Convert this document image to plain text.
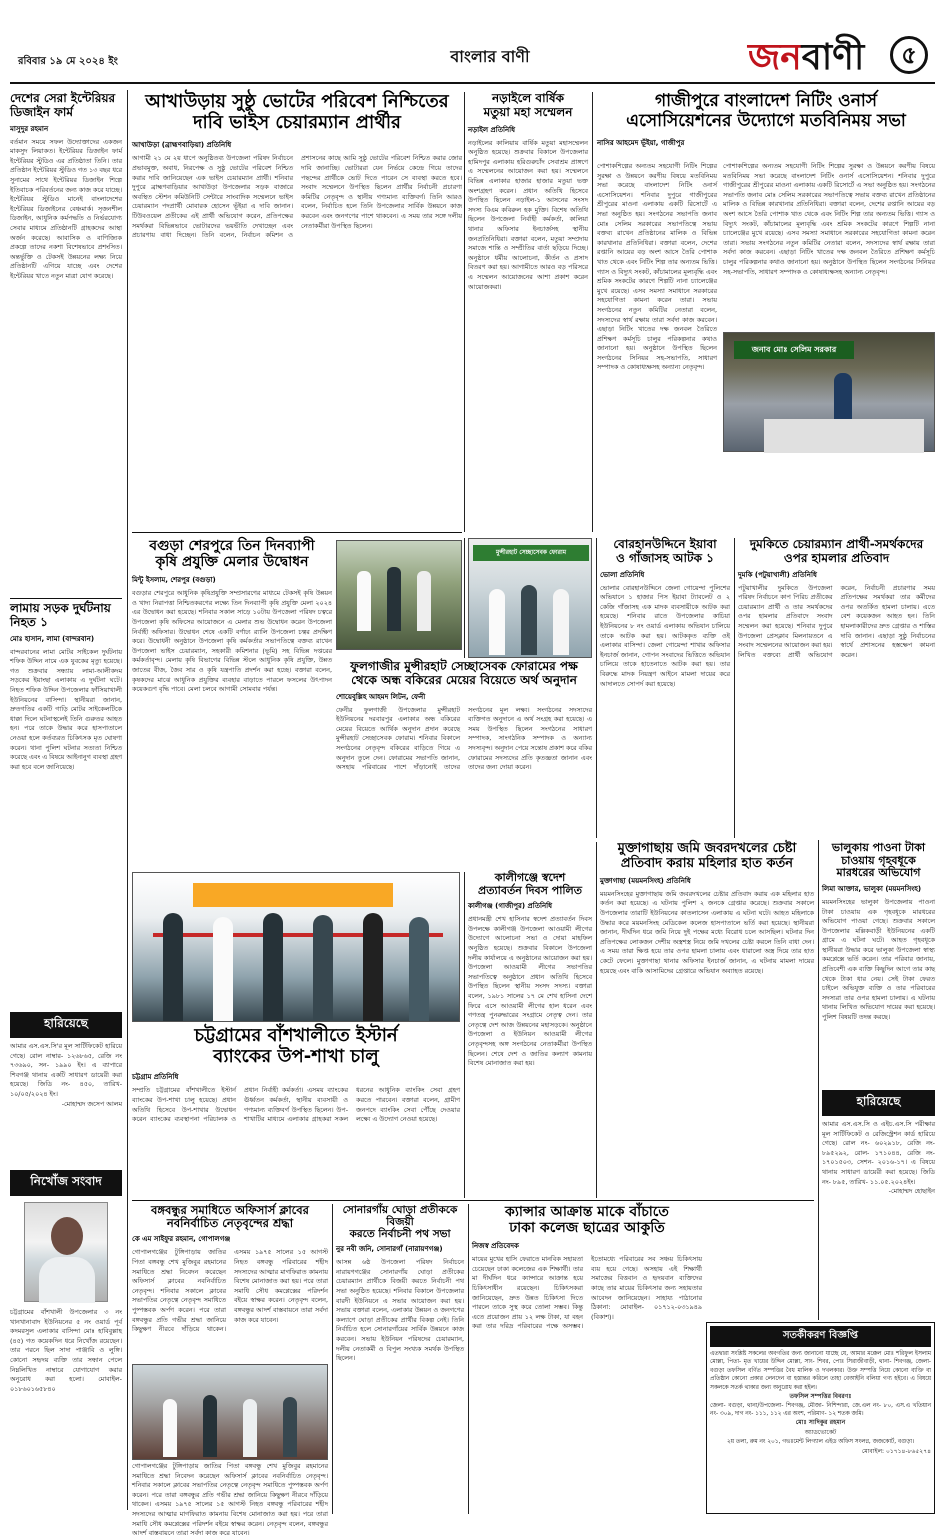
রবিবার ১৯ মে ২০২৪ ইং	বাংলার বাণী	জনবাণী	৫
দেশের সেরা ইন্টেরিয়র ডিজাইন ফার্ম
মাসুদুর রহমান
বর্তমান সময়ে সফল উদ্যোক্তাদের একজন মাকসুদ লিয়াকত। ইন্টেরিয়র ডিজাইন ফার্ম ইন্টেরিয়র স্টুডিও এর প্রতিষ্ঠাতা তিনি। তার প্রতিষ্ঠান ইন্টেরিয়র স্টুডিও গত ১৩ বছর ধরে সুনামের সাথে ইন্টেরিয়র ডিজাইন শিল্পে ইতিবাচক পরিবর্তনের জন্য কাজ করে যাচ্ছে। ইন্টেরিয়র স্টুডিও মানেই বাংলাদেশের ইন্টেরিয়র ডিজাইনের বেঞ্চমার্ক। সৃজনশীল ডিজাইন, আধুনিক কর্মপদ্ধতি ও নির্ভরযোগ্য সেবার মাধ্যমে প্রতিষ্ঠানটি গ্রাহকদের আস্থা অর্জন করেছে। আবাসিক ও বাণিজ্যিক প্রকল্পে তাদের নকশা বিশেষভাবে প্রশংসিত। অন্তর্ভুক্তি ও টেকসই উন্নয়নের লক্ষ্য নিয়ে প্রতিষ্ঠানটি এগিয়ে যাচ্ছে এবং দেশের ইন্টেরিয়র খাতে নতুন মাত্রা যোগ করেছে।
লামায় সড়ক দুর্ঘটনায় নিহত ১
মোঃ হাসান, লামা (বান্দরবান)
বান্দরবানের লামা মোটর সাইকেল দুর্ঘটনায় শফিক উদ্দিন নামে এক যুবকের মৃত্যু হয়েছে। গত শুক্রবার সন্ধ্যায় লামা-আলীকদম সড়কের ইয়াংছা এলাকায় এ দুর্ঘটনা ঘটে। নিহত শফিক উদ্দিন উপজেলার ফাঁসিয়াখালী ইউনিয়নের বাসিন্দা। স্থানীয়রা জানান, দ্রুতগতির একটি গাড়ি মোটর সাইকেলটিকে ধাক্কা দিলে ঘটনাস্থলেই তিনি গুরুতর আহত হন। পরে তাকে উদ্ধার করে হাসপাতালে নেওয়া হলে কর্তব্যরত চিকিৎসক মৃত ঘোষণা করেন। থানা পুলিশ ঘটনার সত্যতা নিশ্চিত করেছে এবং এ বিষয়ে আইনানুগ ব্যবস্থা গ্রহণ করা হবে বলে জানিয়েছে।
হারিয়েছে
আমার এস.এস.সি'র মূল সার্টিফিকেট হারিয়ে গেছে। রোল নাম্বার- ১২৬৮৬৫, রেজি নং ৭৩৬৯০, সন- ১৯৯০ ইং। এ ব্যাপারে শিবগঞ্জ থানায় একটি সাধারণ ডায়েরী করা হয়েছে। জিডি নং- ৪৫০, তারিখ- ১০/০৫/২০২৪ ইং।
-মোহাম্মদ জসেপ আলম
নিখোঁজ সংবাদ
চট্টগ্রামের বাঁশখালী উপজেলার ৩ নং খানখানাবাদ ইউনিয়নের ৫ নং ওয়ার্ড পূর্ব কদমরসুল এলাকার বাসিন্দা মোঃ হাবিবুল্লাহ (৪৫) গত কয়েকদিন ধরে নিখোঁজ রয়েছেন। তার পরনে ছিল সাদা পাঞ্জাবি ও লুঙ্গি। কোনো সহৃদয় ব্যক্তি তার সন্ধান পেলে নিম্নলিখিত নাম্বারে যোগাযোগ করার অনুরোধ করা হলো। মোবাইল- ০১৮৬০১৬৫৮৪০
আখাউড়ায় সুষ্ঠু ভোটের পরিবেশ নিশ্চিতের
দাবি ভাইস চেয়ারম্যান প্রার্থীর
আখাউড়া (ব্রাহ্মণবাড়িয়া) প্রতিনিধি
আগামী ২১ মে ২য় ধাপে অনুষ্ঠিতব্য উপজেলা পরিষদ নির্বাচনে প্রভাবমুক্ত, অবাধ, নিরপেক্ষ ও সুষ্ঠু ভোটের পরিবেশ নিশ্চিত করার দাবি জানিয়েছেন এক ভাইস চেয়ারম্যান প্রার্থী। শনিবার দুপুরে ব্রাহ্মণবাড়িয়ার আখাউড়া উপজেলার সড়ক বাজারে অবস্থিত স্টেশন কমিউনিটি সেন্টারে সাংবাদিক সম্মেলনে ভাইস চেয়ারম্যান পদপ্রার্থী মোবারক হোসেন ভূঁইয়া এ দাবি জানান। টিউবওয়েল প্রতীকের এই প্রার্থী অভিযোগ করেন, প্রতিপক্ষের সমর্থকরা বিভিন্নভাবে ভোটারদের ভয়ভীতি দেখাচ্ছেন এবং প্রচারণায় বাধা দিচ্ছেন। তিনি বলেন, নির্বাচন কমিশন ও প্রশাসনের কাছে আমি সুষ্ঠু ভোটের পরিবেশ নিশ্চিত করার জোর দাবি জানাচ্ছি। ভোটাররা যেন নির্ভয়ে কেন্দ্রে গিয়ে তাদের পছন্দের প্রার্থীকে ভোট দিতে পারেন সে ব্যবস্থা করতে হবে। সংবাদ সম্মেলনে উপস্থিত ছিলেন প্রার্থীর নির্বাচনী প্রচারণা কমিটির নেতৃবৃন্দ ও স্থানীয় গণ্যমান্য ব্যক্তিবর্গ। তিনি আরও বলেন, নির্বাচিত হলে তিনি উপজেলার সার্বিক উন্নয়নে কাজ করবেন এবং জনগণের পাশে থাকবেন। এ সময় তার সঙ্গে দলীয় নেতাকর্মীরা উপস্থিত ছিলেন।
নড়াইলে বার্ষিক
মতুয়া মহা সম্মেলন
নড়াইল প্রতিনিধি
নড়াইলের কালিয়ায় বার্ষিক মতুয়া মহাসম্মেলন অনুষ্ঠিত হয়েছে। শুক্রবার বিকালে উপজেলার হামিদপুর এলাকায় হরিগুরুচাঁদ সেবাশ্রম প্রাঙ্গণে এ সম্মেলনের আয়োজন করা হয়। সম্মেলনে বিভিন্ন এলাকার হাজার হাজার মতুয়া ভক্ত অংশগ্রহণ করেন। প্রধান অতিথি হিসেবে উপস্থিত ছিলেন নড়াইল-১ আসনের সংসদ সদস্য বিএম কবিরুল হক মুক্তি। বিশেষ অতিথি ছিলেন উপজেলা নির্বাহী কর্মকর্তা, কালিয়া থানার অফিসার ইনচার্জসহ স্থানীয় জনপ্রতিনিধিরা। বক্তারা বলেন, মতুয়া সম্প্রদায় সমাজে শান্তি ও সম্প্রীতির বার্তা ছড়িয়ে দিচ্ছে। অনুষ্ঠানে ধর্মীয় আলোচনা, কীর্তন ও প্রসাদ বিতরণ করা হয়। আগামীতে আরও বড় পরিসরে এ সম্মেলন আয়োজনের আশা প্রকাশ করেন আয়োজকরা।
গাজীপুরে বাংলাদেশ নিটিং ওনার্স
এসোসিয়েশনের উদ্যোগে মতবিনিময় সভা
নাসির আহমেদ ভূঁইয়া, গাজীপুর
পোশাকশিল্পের অন্যতম সহযোগী নিটিং শিল্পের সুরক্ষা ও উন্নয়নে করণীয় বিষয়ে মতবিনিময় সভা করেছে বাংলাদেশ নিটিং ওনার্স এসোসিয়েশন। শনিবার দুপুরে গাজীপুরের শ্রীপুরের মাওনা এলাকায় একটি রিসোর্টে এ সভা অনুষ্ঠিত হয়। সংগঠনের সভাপতি জনাব মোঃ সেলিম সরকারের সভাপতিত্বে সভায় বক্তব্য রাখেন প্রতিষ্ঠানের মালিক ও বিভিন্ন কারখানার প্রতিনিধিরা। বক্তারা বলেন, দেশের রপ্তানি আয়ের বড় অংশ আসে তৈরি পোশাক খাত থেকে এবং নিটিং শিল্প তার অন্যতম ভিত্তি। গ্যাস ও বিদ্যুৎ সংকট, কাঁচামালের মূল্যবৃদ্ধি এবং শ্রমিক সংকটের কারণে শিল্পটি নানা চ্যালেঞ্জের মুখে রয়েছে। এসব সমস্যা সমাধানে সরকারের সহযোগিতা কামনা করেন তারা। সভায় সংগঠনের নতুন কমিটির নেতারা বলেন, সদস্যদের স্বার্থ রক্ষায় তারা সর্বদা কাজ করবেন। এছাড়া নিটিং খাতের দক্ষ জনবল তৈরিতে প্রশিক্ষণ কর্মসূচি চালুর পরিকল্পনার কথাও জানানো হয়। অনুষ্ঠানে উপস্থিত ছিলেন সংগঠনের সিনিয়র সহ-সভাপতি, সাধারণ সম্পাদক ও কোষাধ্যক্ষসহ অন্যান্য নেতৃবৃন্দ।
পোশাকশিল্পের অন্যতম সহযোগী নিটিং শিল্পের সুরক্ষা ও উন্নয়নে করণীয় বিষয়ে মতবিনিময় সভা করেছে বাংলাদেশ নিটিং ওনার্স এসোসিয়েশন। শনিবার দুপুরে গাজীপুরের শ্রীপুরের মাওনা এলাকায় একটি রিসোর্টে এ সভা অনুষ্ঠিত হয়। সংগঠনের সভাপতি জনাব মোঃ সেলিম সরকারের সভাপতিত্বে সভায় বক্তব্য রাখেন প্রতিষ্ঠানের মালিক ও বিভিন্ন কারখানার প্রতিনিধিরা। বক্তারা বলেন, দেশের রপ্তানি আয়ের বড় অংশ আসে তৈরি পোশাক খাত থেকে এবং নিটিং শিল্প তার অন্যতম ভিত্তি। গ্যাস ও বিদ্যুৎ সংকট, কাঁচামালের মূল্যবৃদ্ধি এবং শ্রমিক সংকটের কারণে শিল্পটি নানা চ্যালেঞ্জের মুখে রয়েছে। এসব সমস্যা সমাধানে সরকারের সহযোগিতা কামনা করেন তারা। সভায় সংগঠনের নতুন কমিটির নেতারা বলেন, সদস্যদের স্বার্থ রক্ষায় তারা সর্বদা কাজ করবেন। এছাড়া নিটিং খাতের দক্ষ জনবল তৈরিতে প্রশিক্ষণ কর্মসূচি চালুর পরিকল্পনার কথাও জানানো হয়। অনুষ্ঠানে উপস্থিত ছিলেন সংগঠনের সিনিয়র সহ-সভাপতি, সাধারণ সম্পাদক ও কোষাধ্যক্ষসহ অন্যান্য নেতৃবৃন্দ।
জনাব মোঃ সেলিম সরকার
বগুড়া শেরপুরে তিন দিনব্যাপী
কৃষি প্রযুক্তি মেলার উদ্বোধন
মিন্টু ইসলাম, শেরপুর (বগুড়া)
বগুড়ার শেরপুরে আধুনিক কৃষিপ্রযুক্তি সম্প্রসারণের মাধ্যমে টেকসই কৃষি উন্নয়ন ও খাদ্য নিরাপত্তা নিশ্চিতকরণের লক্ষ্যে তিন দিনব্যাপী কৃষি প্রযুক্তি মেলা ২০২৪ এর উদ্বোধন করা হয়েছে। শনিবার সকাল সাড়ে ১০টায় উপজেলা পরিষদ চত্বরে উপজেলা কৃষি অফিসের আয়োজনে এ মেলার শুভ উদ্বোধন করেন উপজেলা নির্বাহী অফিসার। উদ্বোধন শেষে একটি বর্ণাঢ্য র‍্যালি উপজেলা চত্বর প্রদক্ষিণ করে। উদ্বোধনী অনুষ্ঠানে উপজেলা কৃষি কর্মকর্তার সভাপতিত্বে বক্তব্য রাখেন উপজেলা ভাইস চেয়ারম্যান, সহকারী কমিশনার (ভূমি) সহ বিভিন্ন দপ্তরের কর্মকর্তাবৃন্দ। মেলায় কৃষি বিভাগের বিভিন্ন স্টলে আধুনিক কৃষি প্রযুক্তি, উন্নত জাতের বীজ, জৈব সার ও কৃষি যন্ত্রপাতি প্রদর্শন করা হচ্ছে। বক্তারা বলেন, কৃষকদের মাঝে আধুনিক প্রযুক্তির ব্যবহার বাড়াতে পারলে ফসলের উৎপাদন কয়েকগুণ বৃদ্ধি পাবে। মেলা চলবে আগামী সোমবার পর্যন্ত।
মুন্সীরহাট সেচ্ছাসেবক ফোরাম
ফুলগাজীর মুন্সীরহাট সেচ্ছাসেবক ফোরামের পক্ষ
থেকে অন্ধ বকিরের মেয়ের বিয়েতে অর্থ অনুদান
শোয়েবুল্লিহ আহমদ লিটন, ফেনী
ফেনীর ফুলগাজী উপজেলার মুন্সীরহাট ইউনিয়নের দরবারপুর এলাকার অন্ধ বকিরের মেয়ের বিয়েতে আর্থিক অনুদান প্রদান করেছে মুন্সীরহাট সেচ্ছাসেবক ফোরাম। শনিবার বিকালে সংগঠনের নেতৃবৃন্দ বকিরের বাড়িতে গিয়ে এ অনুদান তুলে দেন। ফোরামের সভাপতি জানান, অসহায় পরিবারের পাশে দাঁড়ানোই তাদের সংগঠনের মূল লক্ষ্য। সংগঠনের সদস্যদের ব্যক্তিগত অনুদানে এ অর্থ সংগ্রহ করা হয়েছে। এ সময় উপস্থিত ছিলেন সংগঠনের সাধারণ সম্পাদক, সাংগঠনিক সম্পাদক ও অন্যান্য সদস্যবৃন্দ। অনুদান পেয়ে সন্তোষ প্রকাশ করে বকির ফোরামের সদস্যদের প্রতি কৃতজ্ঞতা জানান এবং তাদের জন্য দোয়া করেন।
বোরহানউদ্দিনে ইয়াবা
ও গাঁজাসহ আটক ১
ভোলা প্রতিনিধি
ভোলার বোরহানউদ্দিনে জেলা গোয়েন্দা পুলিশের অভিযানে ১ হাজার পিস ইয়াবা ট্যাবলেট ও ২ কেজি গাঁজাসহ এক মাদক ব্যবসায়ীকে আটক করা হয়েছে। শনিবার রাতে উপজেলার কাচিয়া ইউনিয়নের ৮ নং ওয়ার্ড এলাকায় অভিযান চালিয়ে তাকে আটক করা হয়। আটককৃত ব্যক্তি ওই এলাকার বাসিন্দা। জেলা গোয়েন্দা শাখার অফিসার ইনচার্জ জানান, গোপন সংবাদের ভিত্তিতে অভিযান চালিয়ে তাকে হাতেনাতে আটক করা হয়। তার বিরুদ্ধে মাদক নিয়ন্ত্রণ আইনে মামলা দায়ের করে আদালতে সোপর্দ করা হয়েছে।
দুমকিতে চেয়ারম্যান প্রার্থী-সমর্থকদের
ওপর হামলার প্রতিবাদ
দুমকি (পটুয়াখালী) প্রতিনিধি
পটুয়াখালীর দুমকিতে উপজেলা পরিষদ নির্বাচনে কাপ পিরিচ প্রতীকের চেয়ারম্যান প্রার্থী ও তার সমর্থকদের ওপর হামলার প্রতিবাদে সংবাদ সম্মেলন করা হয়েছে। শনিবার দুপুরে উপজেলা প্রেসক্লাব মিলনায়তনে এ সংবাদ সম্মেলনের আয়োজন করা হয়। লিখিত বক্তব্যে প্রার্থী অভিযোগ করেন, নির্বাচনী প্রচারণার সময় প্রতিপক্ষের সমর্থকরা তার কর্মীদের ওপর অতর্কিত হামলা চালায়। এতে বেশ কয়েকজন আহত হন। তিনি হামলাকারীদের দ্রুত গ্রেপ্তার ও শাস্তির দাবি জানান। এছাড়া সুষ্ঠু নির্বাচনের স্বার্থে প্রশাসনের হস্তক্ষেপ কামনা করেন।
চট্টগ্রামের বাঁশখালীতে ইস্টার্ন
ব্যাংকের উপ-শাখা চালু
চট্টগ্রাম প্রতিনিধি
সম্প্রতি চট্টগ্রামের বাঁশখালীতে ইস্টার্ন ব্যাংকের উপ-শাখা চালু হয়েছে। প্রধান অতিথি হিসেবে উপ-শাখার উদ্বোধন করেন ব্যাংকের ব্যবস্থাপনা পরিচালক ও প্রধান নির্বাহী কর্মকর্তা। এসময় ব্যাংকের ঊর্ধ্বতন কর্মকর্তা, স্থানীয় ব্যবসায়ী ও গণ্যমান্য ব্যক্তিবর্গ উপস্থিত ছিলেন। উপ-শাখাটির মাধ্যমে এলাকার গ্রাহকরা সকল ধরনের আধুনিক ব্যাংকিং সেবা গ্রহণ করতে পারবেন। বক্তারা বলেন, গ্রামীণ জনপদে ব্যাংকিং সেবা পৌঁছে দেওয়ার লক্ষ্যে এ উদ্যোগ নেওয়া হয়েছে।
কালীগঞ্জে স্বদেশ
প্রত্যাবর্তন দিবস পালিত
কালীগঞ্জ (গাজীপুর) প্রতিনিধি
প্রধানমন্ত্রী শেখ হাসিনার স্বদেশ প্রত্যাবর্তন দিবস উপলক্ষে কালীগঞ্জ উপজেলা আওয়ামী লীগের উদ্যোগে আলোচনা সভা ও দোয়া মাহফিল অনুষ্ঠিত হয়েছে। শুক্রবার বিকালে উপজেলা দলীয় কার্যালয়ে এ অনুষ্ঠানের আয়োজন করা হয়। উপজেলা আওয়ামী লীগের সভাপতির সভাপতিত্বে অনুষ্ঠানে প্রধান অতিথি হিসেবে উপস্থিত ছিলেন স্থানীয় সংসদ সদস্য। বক্তারা বলেন, ১৯৮১ সালের ১৭ মে শেখ হাসিনা দেশে ফিরে এসে আওয়ামী লীগের হাল ধরেন এবং গণতন্ত্র পুনরুদ্ধারের সংগ্রামে নেতৃত্ব দেন। তার নেতৃত্বে দেশ আজ উন্নয়নের মহাসড়কে। অনুষ্ঠানে উপজেলা ও ইউনিয়ন আওয়ামী লীগের নেতৃবৃন্দসহ অঙ্গ সংগঠনের নেতাকর্মীরা উপস্থিত ছিলেন। শেষে দেশ ও জাতির কল্যাণ কামনায় বিশেষ মোনাজাত করা হয়।
মুক্তাগাছায় জমি জবরদখলের চেষ্টা
প্রতিবাদ করায় মহিলার হাত কর্তন
মুক্তাগাছা (ময়মনসিংহ) প্রতিনিধি
ময়মনসিংহের মুক্তাগাছায় জমি জবরদখলের চেষ্টার প্রতিবাদ করায় এক মহিলার হাত কর্তন করা হয়েছে। এ ঘটনায় পুলিশ ২ জনকে গ্রেপ্তার করেছে। শুক্রবার সকালে উপজেলার তারাটি ইউনিয়নের কাতলাসেন এলাকায় এ ঘটনা ঘটে। আহত মহিলাকে উদ্ধার করে ময়মনসিংহ মেডিকেল কলেজ হাসপাতালে ভর্তি করা হয়েছে। স্থানীয়রা জানান, দীর্ঘদিন ধরে জমি নিয়ে দুই পক্ষের মধ্যে বিরোধ চলে আসছিল। ঘটনার দিন প্রতিপক্ষের লোকজন দেশীয় অস্ত্রশস্ত্র নিয়ে জমি দখলের চেষ্টা করলে তিনি বাধা দেন। এ সময় তারা ক্ষিপ্ত হয়ে তার ওপর হামলা চালায় এবং ধারালো অস্ত্র দিয়ে তার হাত কেটে ফেলে। মুক্তাগাছা থানার অফিসার ইনচার্জ জানান, এ ঘটনায় মামলা দায়ের হয়েছে এবং বাকি আসামিদের গ্রেপ্তারে অভিযান অব্যাহত রয়েছে।
ভালুকায় পাওনা টাকা
চাওয়ায় গৃহবধূকে
মারধরের অভিযোগ
লিমা আক্তার, ভালুকা (ময়মনসিংহ)
ময়মনসিংহের ভালুকা উপজেলায় পাওনা টাকা চাওয়ায় এক গৃহবধূকে মারধরের অভিযোগ পাওয়া গেছে। শুক্রবার সকালে উপজেলার মল্লিকবাড়ী ইউনিয়নের একটি গ্রামে এ ঘটনা ঘটে। আহত গৃহবধূকে স্থানীয়রা উদ্ধার করে ভালুকা উপজেলা স্বাস্থ্য কমপ্লেক্সে ভর্তি করেন। তার পরিবার জানায়, প্রতিবেশী এক ব্যক্তি কিছুদিন আগে তার কাছ থেকে টাকা ধার নেয়। সেই টাকা ফেরত চাইলে অভিযুক্ত ব্যক্তি ও তার পরিবারের সদস্যরা তার ওপর হামলা চালায়। এ ঘটনায় থানায় লিখিত অভিযোগ দায়ের করা হয়েছে। পুলিশ বিষয়টি তদন্ত করছে।
হারিয়েছে
আমার এস.এস.সি ও এইচ.এস.সি পরীক্ষার মূল সার্টিফিকেট ও রেজিস্ট্রেশন কার্ড হারিয়ে গেছে। রোল নং- ৬০২৯১৮, রেজি নং- ৮৯৫২৯২, রোল- ১৭১০৪৪, রেজি নং- ১৭০১৫০৩, সেশন- ২০১৬-১৭। এ বিষয়ে থানায় সাধারণ ডায়েরী করা হয়েছে। জিডি নং- ৮৯৫, তারিখ- ১১.০৫.২০২৪ইং।
-মোহাম্মদ হোছাইন
বঙ্গবন্ধুর সমাধিতে অফিসার্স ক্লাবের
নবনির্বাচিত নেতৃবৃন্দের শ্রদ্ধা
কে এম সাইফুর রহমান, গোপালগঞ্জ
গোপালগঞ্জের টুঙ্গিপাড়ায় জাতির পিতা বঙ্গবন্ধু শেখ মুজিবুর রহমানের সমাধিতে শ্রদ্ধা নিবেদন করেছেন অফিসার্স ক্লাবের নবনির্বাচিত নেতৃবৃন্দ। শনিবার সকালে ক্লাবের সভাপতির নেতৃত্বে নেতৃবৃন্দ সমাধিতে পুষ্পস্তবক অর্পণ করেন। পরে তারা বঙ্গবন্ধুর প্রতি গভীর শ্রদ্ধা জানিয়ে কিছুক্ষণ নীরবে দাঁড়িয়ে থাকেন। এসময় ১৯৭৫ সালের ১৫ আগস্ট নিহত বঙ্গবন্ধু পরিবারের শহীদ সদস্যদের আত্মার মাগফিরাত কামনায় বিশেষ মোনাজাত করা হয়। পরে তারা সমাধি সৌধ কমপ্লেক্সের পরিদর্শন বইয়ে স্বাক্ষর করেন। নেতৃবৃন্দ বলেন, বঙ্গবন্ধুর আদর্শ বাস্তবায়নে তারা সর্বদা কাজ করে যাবেন।
গোপালগঞ্জের টুঙ্গিপাড়ায় জাতির পিতা বঙ্গবন্ধু শেখ মুজিবুর রহমানের সমাধিতে শ্রদ্ধা নিবেদন করেছেন অফিসার্স ক্লাবের নবনির্বাচিত নেতৃবৃন্দ। শনিবার সকালে ক্লাবের সভাপতির নেতৃত্বে নেতৃবৃন্দ সমাধিতে পুষ্পস্তবক অর্পণ করেন। পরে তারা বঙ্গবন্ধুর প্রতি গভীর শ্রদ্ধা জানিয়ে কিছুক্ষণ নীরবে দাঁড়িয়ে থাকেন। এসময় ১৯৭৫ সালের ১৫ আগস্ট নিহত বঙ্গবন্ধু পরিবারের শহীদ সদস্যদের আত্মার মাগফিরাত কামনায় বিশেষ মোনাজাত করা হয়। পরে তারা সমাধি সৌধ কমপ্লেক্সের পরিদর্শন বইয়ে স্বাক্ষর করেন। নেতৃবৃন্দ বলেন, বঙ্গবন্ধুর আদর্শ বাস্তবায়নে তারা সর্বদা কাজ করে যাবেন।
সোনারগাঁয় ঘোড়া প্রতীককে বিজয়ী
করতে নির্বাচনী পথ সভা
নুর নবী জনি, সোনারগাঁ (নারায়ণগঞ্জ)
আসন্ন ৬ষ্ঠ উপজেলা পরিষদ নির্বাচনে নারায়ণগঞ্জের সোনারগাঁয় ঘোড়া প্রতীকের চেয়ারম্যান প্রার্থীকে বিজয়ী করতে নির্বাচনী পথ সভা অনুষ্ঠিত হয়েছে। শনিবার বিকালে উপজেলার বারদী ইউনিয়নে এ সভার আয়োজন করা হয়। সভায় বক্তারা বলেন, এলাকার উন্নয়ন ও জনগণের কল্যাণে ঘোড়া প্রতীকের প্রার্থীর বিকল্প নেই। তিনি নির্বাচিত হলে সোনারগাঁয়ের সার্বিক উন্নয়নে কাজ করবেন। সভায় ইউনিয়ন পরিষদের চেয়ারম্যান, দলীয় নেতাকর্মী ও বিপুল সংখ্যক সমর্থক উপস্থিত ছিলেন।
ক্যান্সার আক্রান্ত মাকে বাঁচাতে
ঢাকা কলেজ ছাত্রের আকুতি
নিজস্ব প্রতিবেদক
মায়ের মুখের হাসি ফেরাতে মানবিক সহায়তা চেয়েছেন ঢাকা কলেজের এক শিক্ষার্থী। তার মা দীর্ঘদিন ধরে ক্যান্সারে আক্রান্ত হয়ে চিকিৎসাধীন রয়েছেন। চিকিৎসকরা জানিয়েছেন, দ্রুত উন্নত চিকিৎসা দিতে পারলে তাকে সুস্থ করে তোলা সম্ভব। কিন্তু এতে প্রয়োজন প্রায় ১২ লক্ষ টাকা, যা বহন করা তার দরিদ্র পরিবারের পক্ষে অসম্ভব। ইতোমধ্যে পরিবারের সব সঞ্চয় চিকিৎসায় ব্যয় হয়ে গেছে। অসহায় এই শিক্ষার্থী সমাজের বিত্তবান ও হৃদয়বান ব্যক্তিদের কাছে তার মায়ের চিকিৎসার জন্য সহায়তার আবেদন জানিয়েছেন। সাহায্য পাঠানোর ঠিকানা: মোবাইল- ০১৭১২-০৩১৯৪৯ (বিকাশ)।
সতর্কীকরণ বিজ্ঞপ্তি
এতদ্বারা সংশ্লিষ্ট সকলের অবগতির জন্য জানানো যাচ্ছে যে, আমার মক্কেল মোঃ শরিফুল ইসলাম মোল্লা, পিতা- মৃত খায়ের উদ্দিন মোল্লা, সাং- শিবর, পোঃ সিরাজীবাড়ী, থানা- শিবগঞ্জ, জেলা- বগুড়া তফসিল বর্ণিত সম্পত্তির বৈধ মালিক ও দখলকার। উক্ত সম্পত্তি নিয়ে কোনো ব্যক্তি বা প্রতিষ্ঠান কোনো প্রকার লেনদেন বা হস্তান্তর করিলে তাহা বেআইনি বলিয়া গণ্য হইবে। এ বিষয়ে সকলকে সতর্ক থাকার জন্য অনুরোধ করা হইল।
তফসিল সম্পত্তির বিবরণঃ
জেলা- বগুড়া, থানা/উপজেলা- শিবগঞ্জ, মৌজা- নিশিন্দারা, জে.এল নং- ৮০, এস.এ খতিয়ান নং- ৩০৯, দাগ নং- ১১১, ১১২ এর অংশ, পরিমাণ- ১২ শতক জমি।
মোঃ সাদিকুর রহমান
অ্যাডভোকেট
২য় তলা, রুম নং ২০১, গভঃমেন্ট লিগ্যাল এইড অফিস সংলগ্ন, জজকোর্ট, বগুড়া।
মোবাইল: ০১৭১৪-৮৬৫২৭৪
